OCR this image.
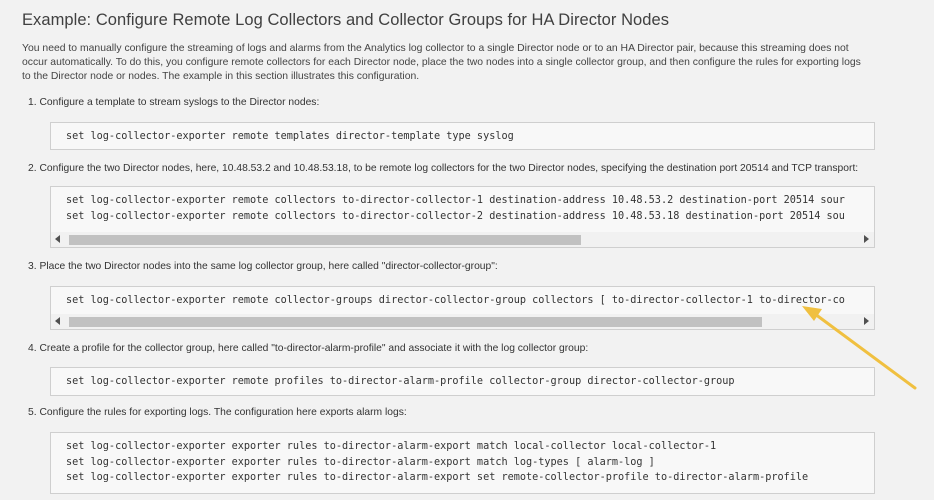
Example: Configure Remote Log Collectors and Collector Groups for HA Director Nodes
You need to manually configure the streaming of logs and alarms from the Analytics log collector to a single Director node or to an HA Director pair, because this streaming does not
occur automatically. To do this, you configure remote collectors for each Director node, place the two nodes into a single collector group, and then configure the rules for exporting logs
to the Director node or nodes. The example in this section illustrates this configuration.
1. Configure a template to stream syslogs to the Director nodes:
set log-collector-exporter remote templates director-template type syslog
2. Configure the two Director nodes, here, 10.48.53.2 and 10.48.53.18, to be remote log collectors for the two Director nodes, specifying the destination port 20514 and TCP transport:
set log-collector-exporter remote collectors to-director-collector-1 destination-address 10.48.53.2 destination-port 20514 sour
set log-collector-exporter remote collectors to-director-collector-2 destination-address 10.48.53.18 destination-port 20514 sou
3. Place the two Director nodes into the same log collector group, here called "director-collector-group":
set log-collector-exporter remote collector-groups director-collector-group collectors [ to-director-collector-1 to-director-co
4. Create a profile for the collector group, here called "to-director-alarm-profile" and associate it with the log collector group:
set log-collector-exporter remote profiles to-director-alarm-profile collector-group director-collector-group
5. Configure the rules for exporting logs. The configuration here exports alarm logs:
set log-collector-exporter exporter rules to-director-alarm-export match local-collector local-collector-1
set log-collector-exporter exporter rules to-director-alarm-export match log-types [ alarm-log ]
set log-collector-exporter exporter rules to-director-alarm-export set remote-collector-profile to-director-alarm-profile
